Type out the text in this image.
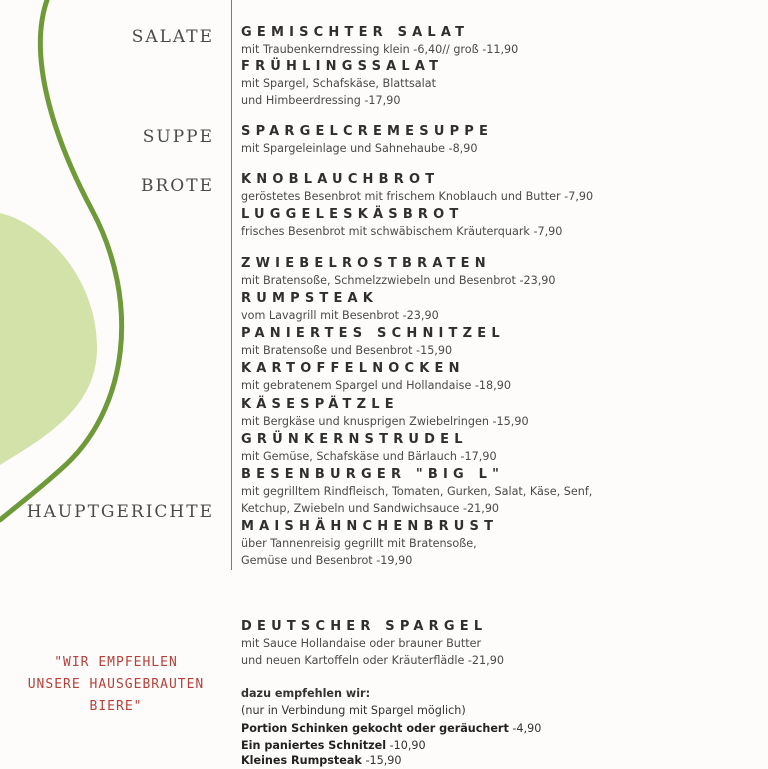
SALATE
SUPPE
BROTE
HAUPTGERICHTE
GEMISCHTER SALAT
mit Traubenkerndressing klein -6,40// groß -11,90
FRÜHLINGSSALAT
mit Spargel, Schafskäse, Blattsalat
und Himbeerdressing -17,90
SPARGELCREMESUPPE
mit Spargeleinlage und Sahnehaube -8,90
KNOBLAUCHBROT
geröstetes Besenbrot mit frischem Knoblauch und Butter -7,90
LUGGELESKÄSBROT
frisches Besenbrot mit schwäbischem Kräuterquark -7,90
ZWIEBELROSTBRATEN
mit Bratensoße, Schmelzzwiebeln und Besenbrot -23,90
RUMPSTEAK
vom Lavagrill mit Besenbrot -23,90
PANIERTES SCHNITZEL
mit Bratensoße und Besenbrot -15,90
KARTOFFELNOCKEN
mit gebratenem Spargel und Hollandaise -18,90
KÄSESPÄTZLE
mit Bergkäse und knusprigen Zwiebelringen -15,90
GRÜNKERNSTRUDEL
mit Gemüse, Schafskäse und Bärlauch -17,90
BESENBURGER "BIG L"
mit gegrilltem Rindfleisch, Tomaten, Gurken, Salat, Käse, Senf,
Ketchup, Zwiebeln und Sandwichsauce -21,90
MAISHÄHNCHENBRUST
über Tannenreisig gegrillt mit Bratensoße,
Gemüse und Besenbrot -19,90
DEUTSCHER SPARGEL
mit Sauce Hollandaise oder brauner Butter
und neuen Kartoffeln oder Kräuterflädle -21,90
"WIR EMPFEHLEN
UNSERE HAUSGEBRAUTEN
BIERE"
dazu empfehlen wir:
(nur in Verbindung mit Spargel möglich)
Portion Schinken gekocht oder geräuchert -4,90
Ein paniertes Schnitzel -10,90
Kleines Rumpsteak -15,90
